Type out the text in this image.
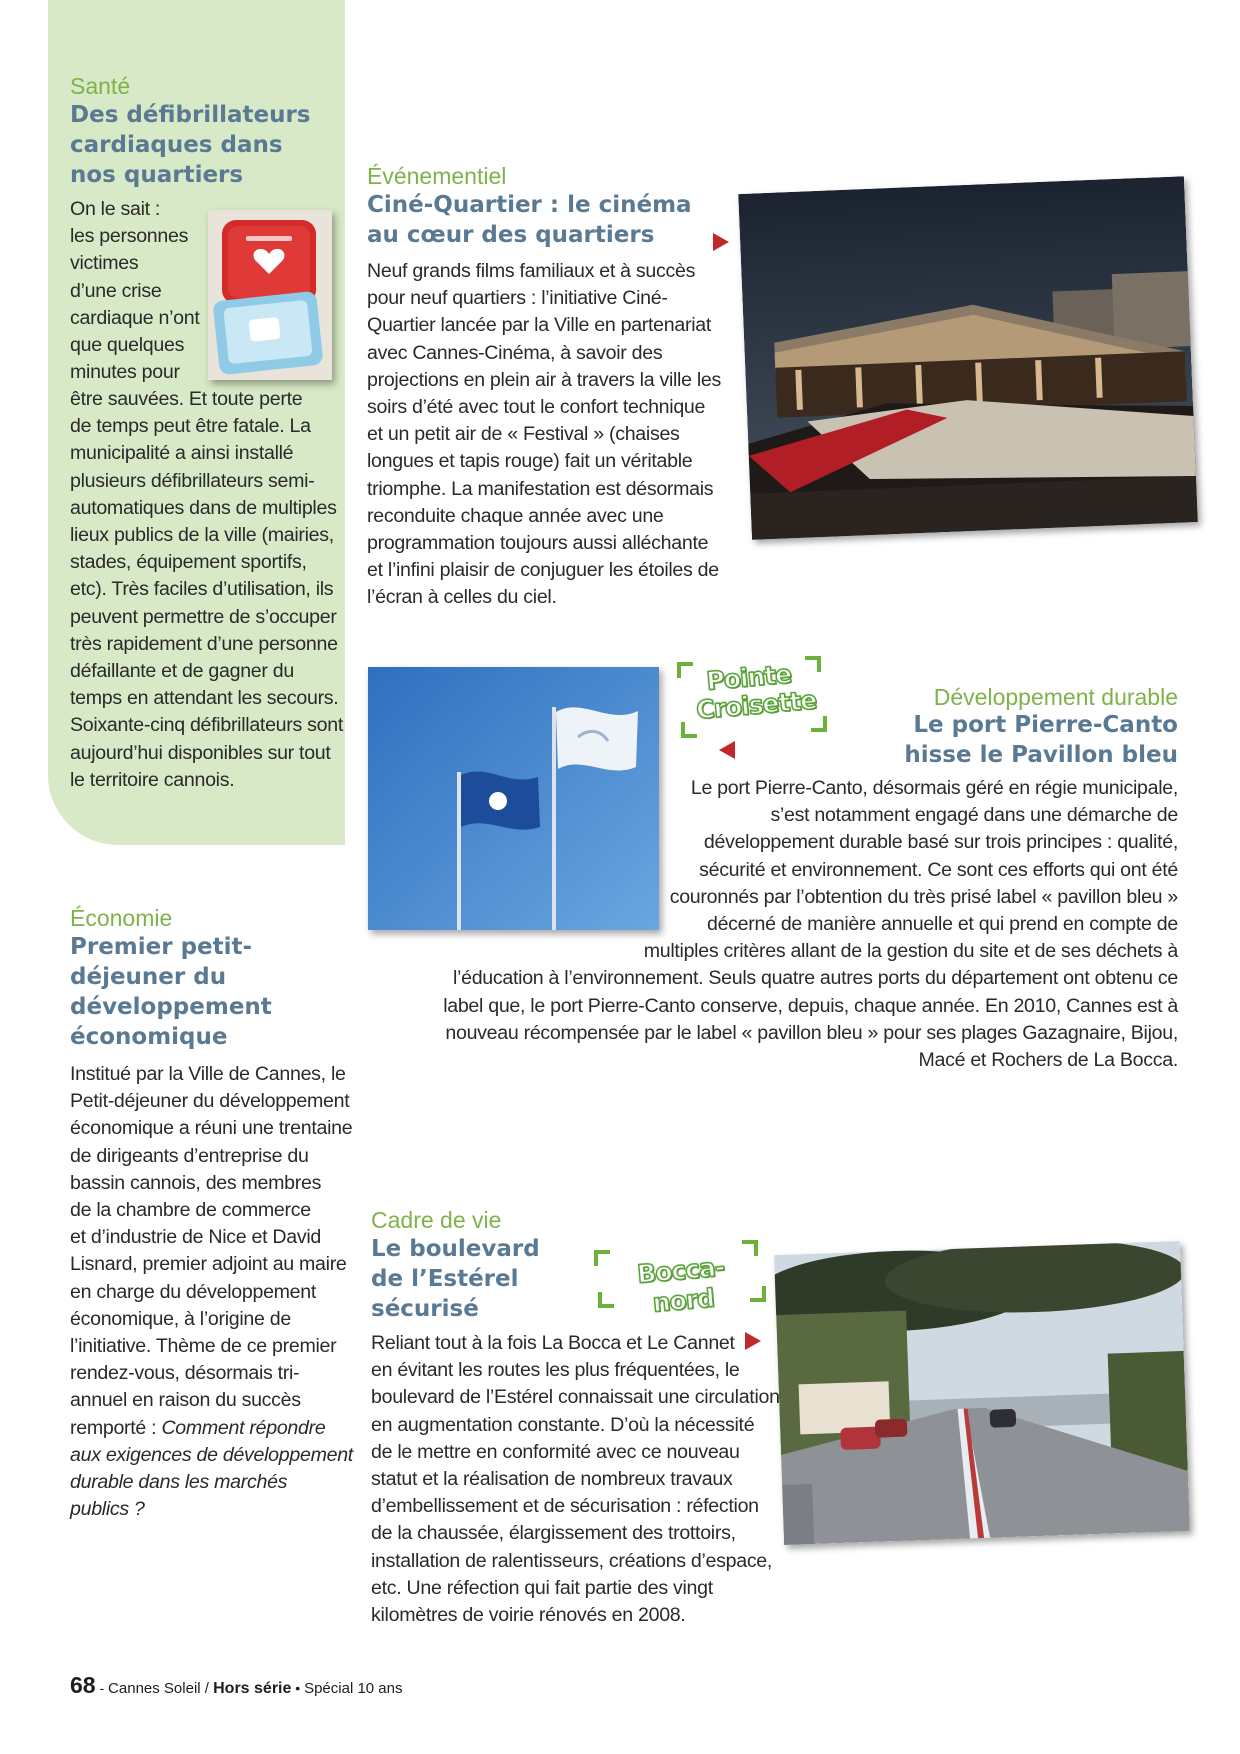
Santé
Des défibrillateurs
cardiaques dans
nos quartiers
On le sait :
les personnes
victimes
d’une crise
cardiaque n’ont
que quelques
minutes pour
être sauvées. Et toute perte
de temps peut être fatale. La
municipalité a ainsi installé
plusieurs défibrillateurs semi-
automatiques dans de multiples
lieux publics de la ville (mairies,
stades, équipement sportifs,
etc). Très faciles d’utilisation, ils
peuvent permettre de s’occuper
très rapidement d’une personne
défaillante et de gagner du
temps en attendant les secours.
Soixante-cinq défibrillateurs sont
aujourd’hui disponibles sur tout
le territoire cannois.
Événementiel
Ciné-Quartier : le cinéma
au cœur des quartiers
Neuf grands films familiaux et à succès
pour neuf quartiers : l’initiative Ciné-
Quartier lancée par la Ville en partenariat
avec Cannes-Cinéma, à savoir des
projections en plein air à travers la ville les
soirs d’été avec tout le confort technique
et un petit air de « Festival » (chaises
longues et tapis rouge) fait un véritable
triomphe. La manifestation est désormais
reconduite chaque année avec une
programmation toujours aussi alléchante
et l’infini plaisir de conjuguer les étoiles de
l’écran à celles du ciel.
Pointe
Croisette	Développement durable
Le port Pierre-Canto
hisse le Pavillon bleu
Le port Pierre-Canto, désormais géré en régie municipale,
s’est notamment engagé dans une démarche de
développement durable basé sur trois principes : qualité,
sécurité et environnement. Ce sont ces efforts qui ont été
couronnés par l’obtention du très prisé label « pavillon bleu »
décerné de manière annuelle et qui prend en compte de
multiples critères allant de la gestion du site et de ses déchets à
l’éducation à l’environnement. Seuls quatre autres ports du département ont obtenu ce
label que, le port Pierre-Canto conserve, depuis, chaque année. En 2010, Cannes est à
nouveau récompensée par le label « pavillon bleu » pour ses plages Gazagnaire, Bijou,
Macé et Rochers de La Bocca.
Économie
Premier petit-
déjeuner du
développement
économique
Institué par la Ville de Cannes, le
Petit-déjeuner du développement
économique a réuni une trentaine
de dirigeants d’entreprise du
bassin cannois, des membres
de la chambre de commerce
et d’industrie de Nice et David
Lisnard, premier adjoint au maire
en charge du développement
économique, à l’origine de
l’initiative. Thème de ce premier
rendez-vous, désormais tri-
annuel en raison du succès
remporté : Comment répondre
aux exigences de développement
durable dans les marchés
publics ?
Cadre de vie
Le boulevard
de l’Estérel
sécurisé
Bocca-nord
Reliant tout à la fois La Bocca et Le Cannet
en évitant les routes les plus fréquentées, le
boulevard de l’Estérel connaissait une circulation
en augmentation constante. D’où la nécessité
de le mettre en conformité avec ce nouveau
statut et la réalisation de nombreux travaux
d’embellissement et de sécurisation : réfection
de la chaussée, élargissement des trottoirs,
installation de ralentisseurs, créations d’espace,
etc. Une réfection qui fait partie des vingt
kilomètres de voirie rénovés en 2008.
68 - Cannes Soleil / Hors série • Spécial 10 ans
